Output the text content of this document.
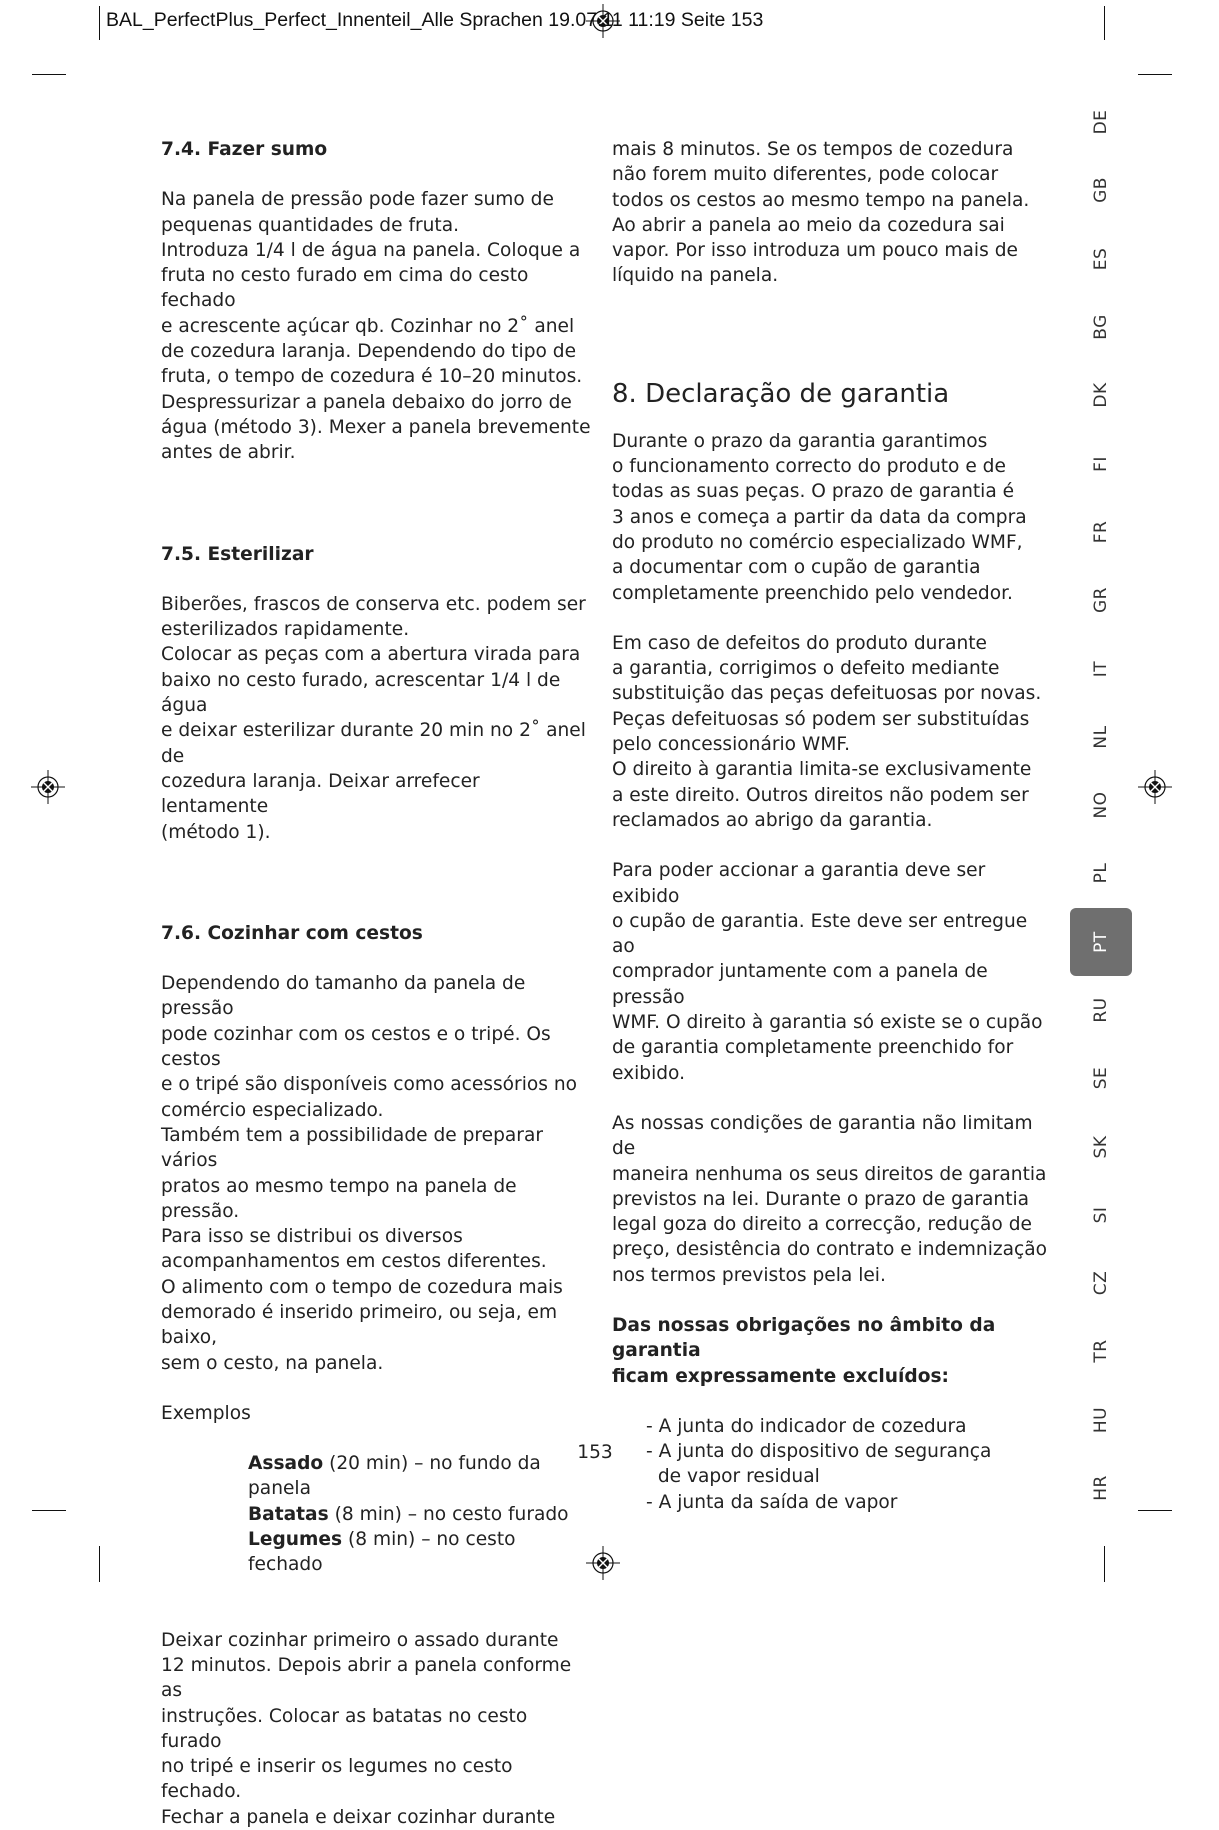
BAL_PerfectPlus_Perfect_Innenteil_Alle Sprachen 19.07.11 11:19 Seite 153

7.4. Fazer sumo

Na panela de pressão pode fazer sumo de
pequenas quantidades de fruta.
Introduza 1/4 l de água na panela. Coloque a
fruta no cesto furado em cima do cesto fechado
e acrescente açúcar qb. Cozinhar no 2˚ anel
de cozedura laranja. Dependendo do tipo de
fruta, o tempo de cozedura é 10–20 minutos.
Despressurizar a panela debaixo do jorro de
água (método 3). Mexer a panela brevemente
antes de abrir.

7.5. Esterilizar

Biberões, frascos de conserva etc. podem ser
esterilizados rapidamente.
Colocar as peças com a abertura virada para
baixo no cesto furado, acrescentar 1/4 l de água
e deixar esterilizar durante 20 min no 2˚ anel de
cozedura laranja. Deixar arrefecer lentamente
(método 1).

7.6. Cozinhar com cestos

Dependendo do tamanho da panela de pressão
pode cozinhar com os cestos e o tripé. Os cestos
e o tripé são disponíveis como acessórios no
comércio especializado.
Também tem a possibilidade de preparar vários
pratos ao mesmo tempo na panela de pressão.
Para isso se distribui os diversos
acompanhamentos em cestos diferentes.
O alimento com o tempo de cozedura mais
demorado é inserido primeiro, ou seja, em baixo,
sem o cesto, na panela.

Exemplos

Assado (20 min) – no fundo da panela
Batatas (8 min) – no cesto furado
Legumes (8 min) – no cesto fechado

Deixar cozinhar primeiro o assado durante
12 minutos. Depois abrir a panela conforme as
instruções. Colocar as batatas no cesto furado
no tripé e inserir os legumes no cesto fechado.
Fechar a panela e deixar cozinhar durante

mais 8 minutos. Se os tempos de cozedura
não forem muito diferentes, pode colocar
todos os cestos ao mesmo tempo na panela.
Ao abrir a panela ao meio da cozedura sai
vapor. Por isso introduza um pouco mais de
líquido na panela.

8. Declaração de garantia

Durante o prazo da garantia garantimos
o funcionamento correcto do produto e de
todas as suas peças. O prazo de garantia é
3 anos e começa a partir da data da compra
do produto no comércio especializado WMF,
a documentar com o cupão de garantia
completamente preenchido pelo vendedor.

Em caso de defeitos do produto durante
a garantia, corrigimos o defeito mediante
substituição das peças defeituosas por novas.
Peças defeituosas só podem ser substituídas
pelo concessionário WMF.
O direito à garantia limita-se exclusivamente
a este direito. Outros direitos não podem ser
reclamados ao abrigo da garantia.

Para poder accionar a garantia deve ser exibido
o cupão de garantia. Este deve ser entregue ao
comprador juntamente com a panela de pressão
WMF. O direito à garantia só existe se o cupão
de garantia completamente preenchido for
exibido.

As nossas condições de garantia não limitam de
maneira nenhuma os seus direitos de garantia
previstos na lei. Durante o prazo de garantia
legal goza do direito a correcção, redução de
preço, desistência do contrato e indemnização
nos termos previstos pela lei.

Das nossas obrigações no âmbito da garantia
ficam expressamente excluídos:

- A junta do indicador de cozedura
- A junta do dispositivo de segurança
de vapor residual
- A junta da saída de vapor
153
DE
GB
ES
BG
DK
FI
FR
GR
IT
NL
NO
PL
PT
RU
SE
SK
SI
CZ
TR
HU
HR
